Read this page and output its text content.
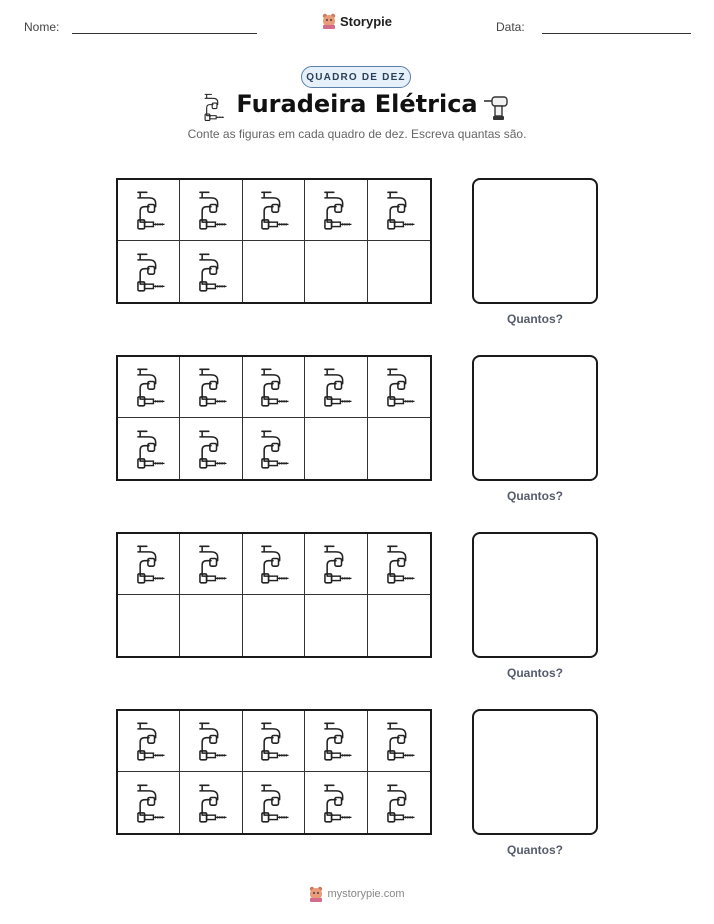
Nome:	Storypie	Data:
QUADRO DE DEZ
Furadeira Elétrica
Conte as figuras em cada quadro de dez. Escreva quantas são.
Quantos?
Quantos?
Quantos?
Quantos?
mystorypie.com
